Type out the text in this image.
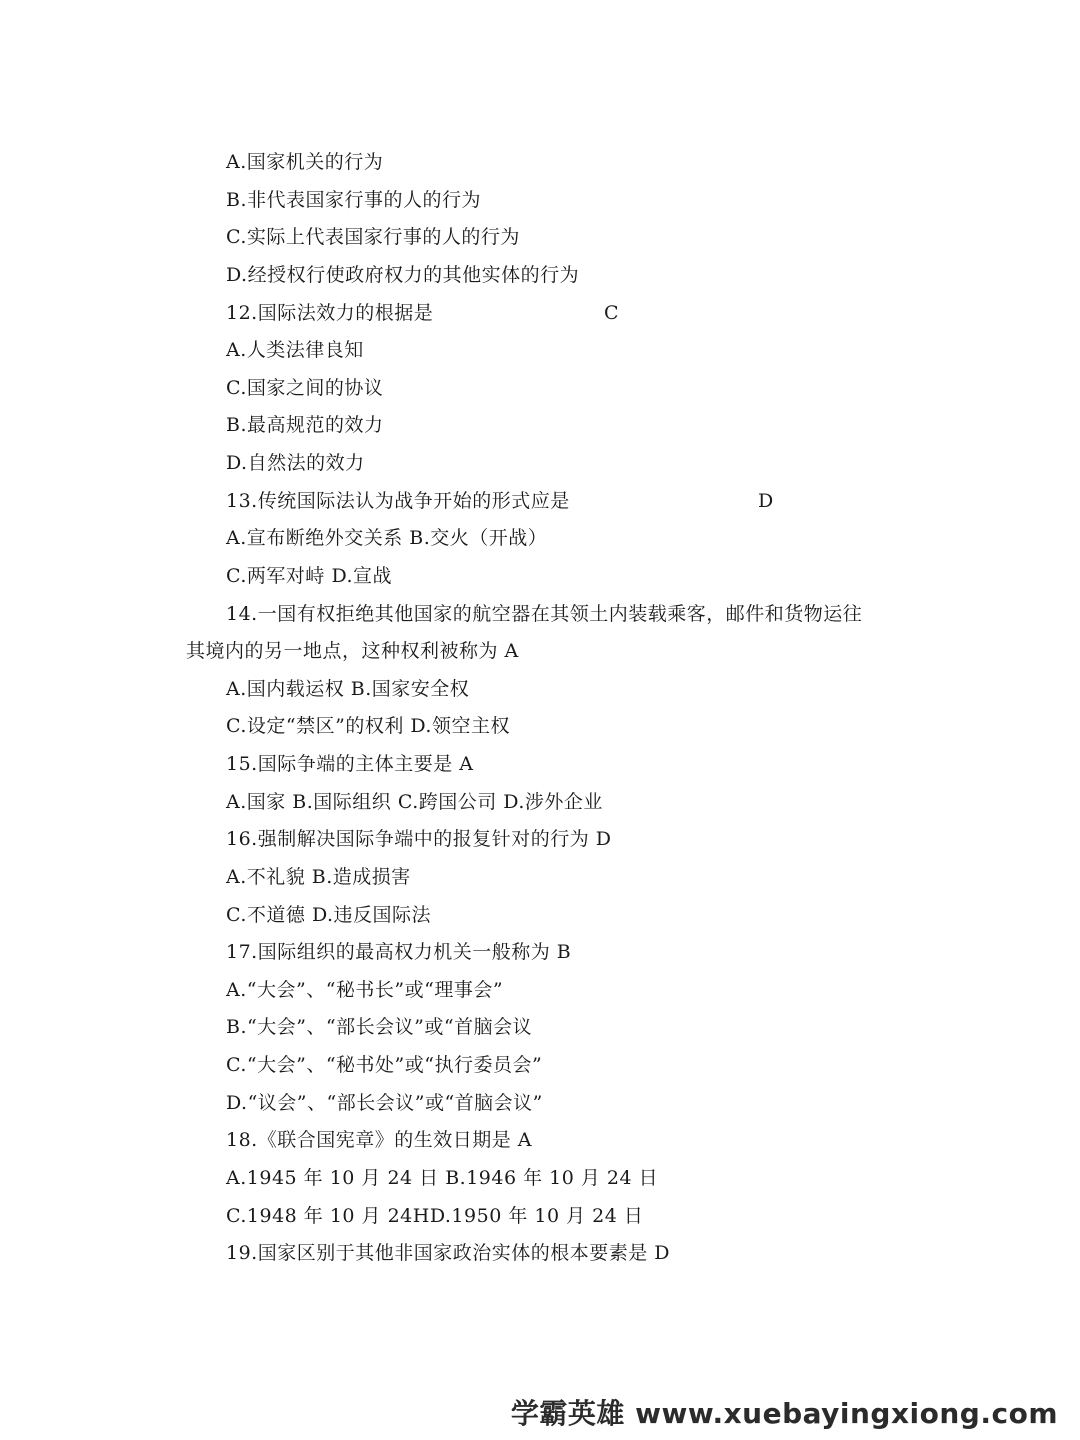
A.国家机关的行为
B.非代表国家行事的人的行为
C.实际上代表国家行事的人的行为
D.经授权行使政府权力的其他实体的行为
12.国际法效力的根据是	C
A.人类法律良知
C.国家之间的协议
B.最高规范的效力
D.自然法的效力
13.传统国际法认为战争开始的形式应是	D
A.宣布断绝外交关系 B.交火（开战）
C.两军对峙 D.宣战
14.一国有权拒绝其他国家的航空器在其领土内装载乘客，邮件和货物运往
其境内的另一地点，这种权利被称为 A
A.国内载运权 B.国家安全权
C.设定“禁区”的权利 D.领空主权
15.国际争端的主体主要是 A
A.国家 B.国际组织 C.跨国公司 D.涉外企业
16.强制解决国际争端中的报复针对的行为 D
A.不礼貌 B.造成损害
C.不道德 D.违反国际法
17.国际组织的最高权力机关一般称为 B
A.“大会”、“秘书长”或“理事会”
B.“大会”、“部长会议”或“首脑会议
C.“大会”、“秘书处”或“执行委员会”
D.“议会”、“部长会议”或“首脑会议”
18.《联合国宪章》的生效日期是 A
A.1945 年 10 月 24 日 B.1946 年 10 月 24 日
C.1948 年 10 月 24HD.1950 年 10 月 24 日
19.国家区别于其他非国家政治实体的根本要素是 D
学霸英雄 www.xuebayingxiong.com
